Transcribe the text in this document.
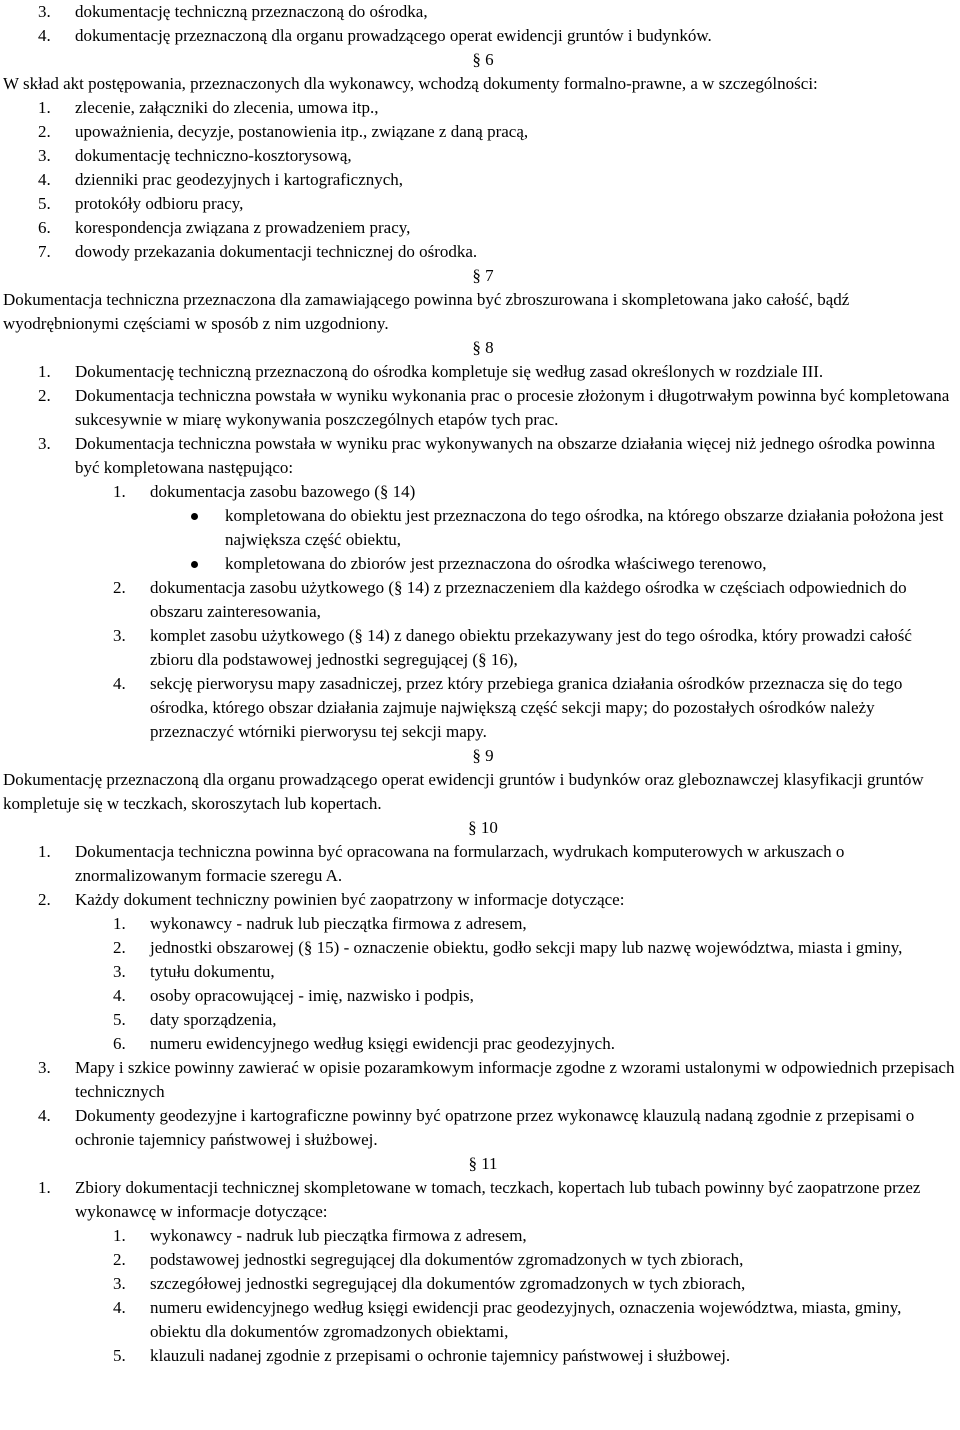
3. dokumentację techniczną przeznaczoną do ośrodka,
4. dokumentację przeznaczoną dla organu prowadzącego operat ewidencji gruntów i budynków.
§ 6

W skład akt postępowania, przeznaczonych dla wykonawcy, wchodzą dokumenty formalno-prawne, a w szczególności:

1. zlecenie, załączniki do zlecenia, umowa itp.,
2. upoważnienia, decyzje, postanowienia itp., związane z daną pracą,
3. dokumentację techniczno-kosztorysową,
4. dzienniki prac geodezyjnych i kartograficznych,
5. protokóły odbioru pracy,
6. korespondencja związana z prowadzeniem pracy,
7. dowody przekazania dokumentacji technicznej do ośrodka.
§ 7

Dokumentacja techniczna przeznaczona dla zamawiającego powinna być zbroszurowana i skompletowana jako całość, bądź wyodrębnionymi częściami w sposób z nim uzgodniony.

§ 8
1. Dokumentację techniczną przeznaczoną do ośrodka kompletuje się według zasad określonych w rozdziale III.
2. Dokumentacja techniczna powstała w wyniku wykonania prac o procesie złożonym i długotrwałym powinna być kompletowana sukcesywnie w miarę wykonywania poszczególnych etapów tych prac.
3. Dokumentacja techniczna powstała w wyniku prac wykonywanych na obszarze działania więcej niż jednego ośrodka powinna być kompletowana następująco:
1. dokumentacja zasobu bazowego (§ 14)
kompletowana do obiektu jest przeznaczona do tego ośrodka, na którego obszarze działania położona jest największa część obiektu,
kompletowana do zbiorów jest przeznaczona do ośrodka właściwego terenowo,
2. dokumentacja zasobu użytkowego (§ 14) z przeznaczeniem dla każdego ośrodka w częściach odpowiednich do obszaru zainteresowania,
3. komplet zasobu użytkowego (§ 14) z danego obiektu przekazywany jest do tego ośrodka, który prowadzi całość zbioru dla podstawowej jednostki segregującej (§ 16),
4. sekcję pierworysu mapy zasadniczej, przez który przebiega granica działania ośrodków przeznacza się do tego ośrodka, którego obszar działania zajmuje największą część sekcji mapy; do pozostałych ośrodków należy przeznaczyć wtórniki pierworysu tej sekcji mapy.
§ 9

Dokumentację przeznaczoną dla organu prowadzącego operat ewidencji gruntów i budynków oraz gleboznawczej klasyfikacji gruntów kompletuje się w teczkach, skoroszytach lub kopertach.

§ 10
1. Dokumentacja techniczna powinna być opracowana na formularzach, wydrukach komputerowych w arkuszach o znormalizowanym formacie szeregu A.
2. Każdy dokument techniczny powinien być zaopatrzony w informacje dotyczące:
1. wykonawcy - nadruk lub pieczątka firmowa z adresem,
2. jednostki obszarowej (§ 15) - oznaczenie obiektu, godło sekcji mapy lub nazwę województwa, miasta i gminy,
3. tytułu dokumentu,
4. osoby opracowującej - imię, nazwisko i podpis,
5. daty sporządzenia,
6. numeru ewidencyjnego według księgi ewidencji prac geodezyjnych.
3. Mapy i szkice powinny zawierać w opisie pozaramkowym informacje zgodne z wzorami ustalonymi w odpowiednich przepisach technicznych
4. Dokumenty geodezyjne i kartograficzne powinny być opatrzone przez wykonawcę klauzulą nadaną zgodnie z przepisami o ochronie tajemnicy państwowej i służbowej.
§ 11
1. Zbiory dokumentacji technicznej skompletowane w tomach, teczkach, kopertach lub tubach powinny być zaopatrzone przez wykonawcę w informacje dotyczące:
1. wykonawcy - nadruk lub pieczątka firmowa z adresem,
2. podstawowej jednostki segregującej dla dokumentów zgromadzonych w tych zbiorach,
3. szczegółowej jednostki segregującej dla dokumentów zgromadzonych w tych zbiorach,
4. numeru ewidencyjnego według księgi ewidencji prac geodezyjnych, oznaczenia województwa, miasta, gminy, obiektu dla dokumentów zgromadzonych obiektami,
5. klauzuli nadanej zgodnie z przepisami o ochronie tajemnicy państwowej i służbowej.
